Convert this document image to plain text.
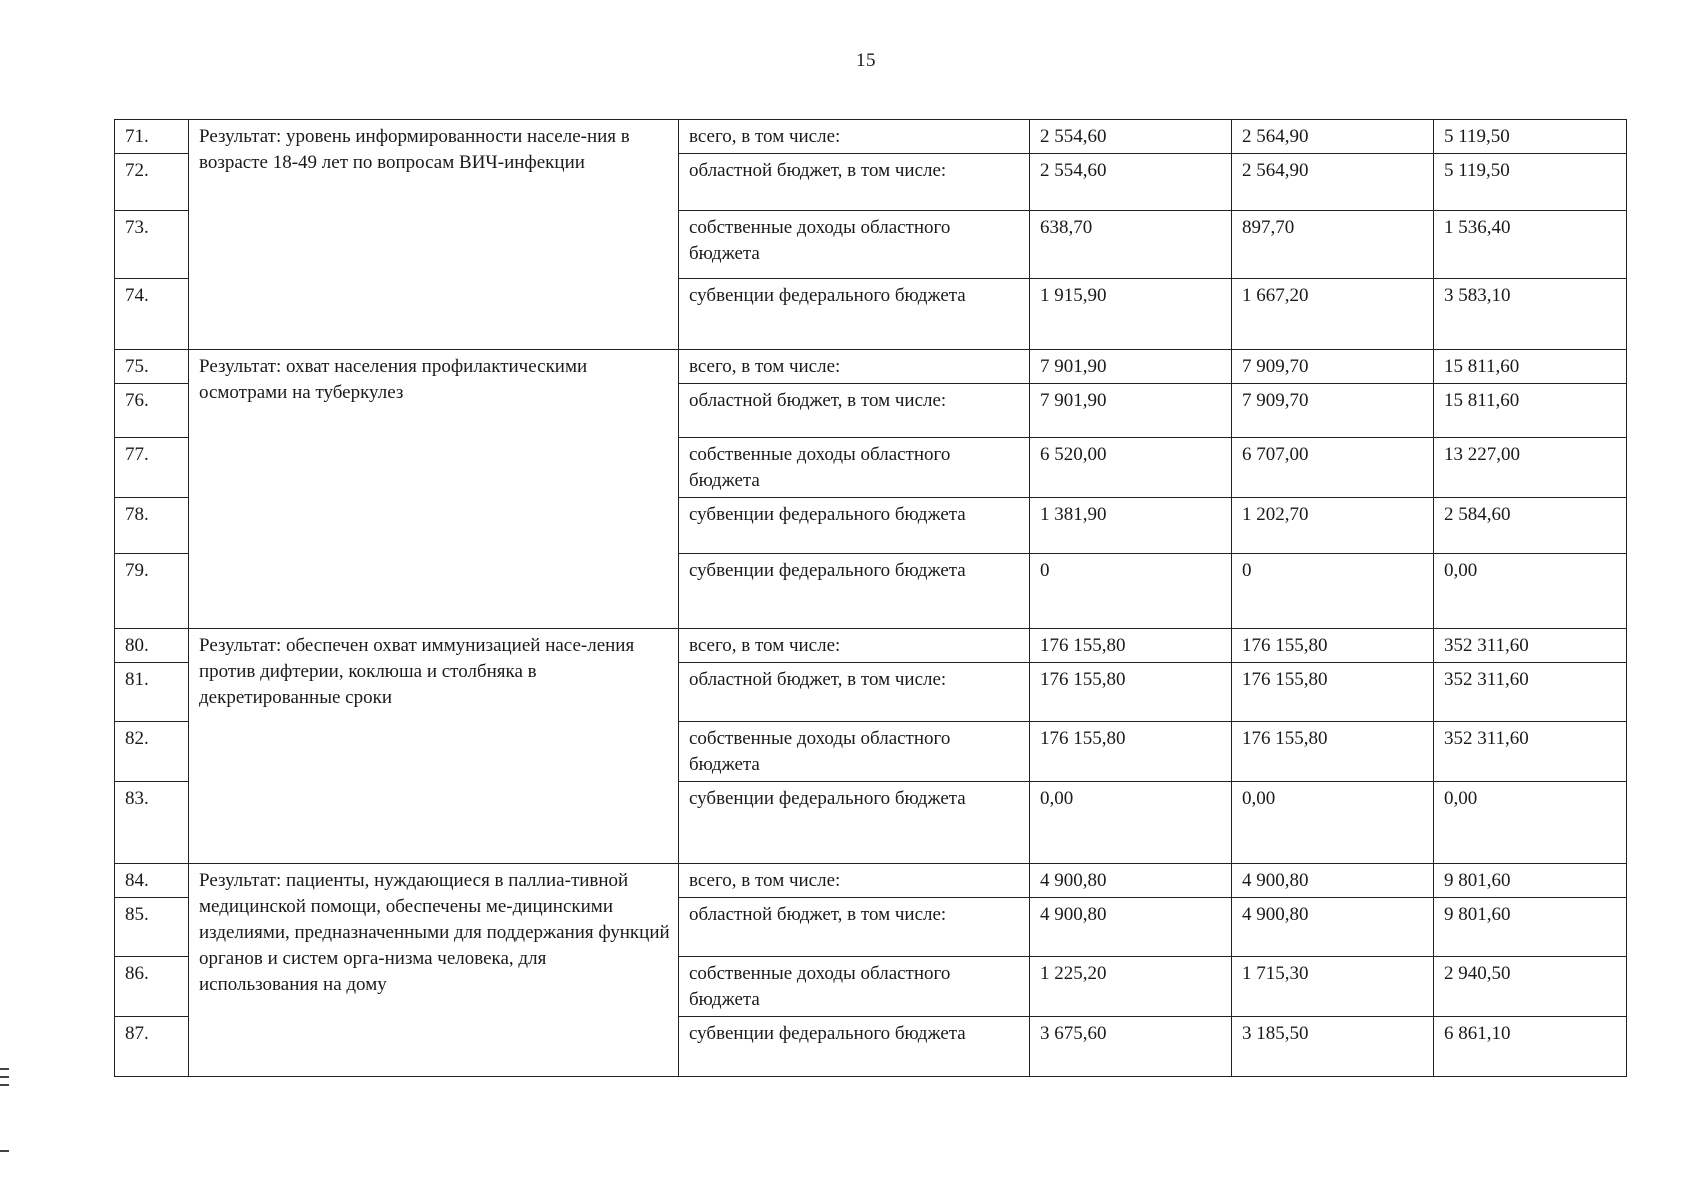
15
71.	Результат: уровень информированности населе-ния в возрасте 18-49 лет по вопросам ВИЧ-инфекции	всего, в том числе:	2 554,60	2 564,90	5 119,50
72.		областной бюджет, в том числе:	2 554,60	2 564,90	5 119,50
73.		собственные доходы областного бюджета	638,70	897,70	1 536,40
74.		субвенции федерального бюджета	1 915,90	1 667,20	3 583,10
75.	Результат: охват населения профилактическими осмотрами на туберкулез	всего, в том числе:	7 901,90	7 909,70	15 811,60
76.		областной бюджет, в том числе:	7 901,90	7 909,70	15 811,60
77.		собственные доходы областного бюджета	6 520,00	6 707,00	13 227,00
78.		субвенции федерального бюджета	1 381,90	1 202,70	2 584,60
79.		субвенции федерального бюджета	0	0	0,00
80.	Результат: обеспечен охват иммунизацией насе-ления против дифтерии, коклюша и столбняка в декретированные сроки	всего, в том числе:	176 155,80	176 155,80	352 311,60
81.		областной бюджет, в том числе:	176 155,80	176 155,80	352 311,60
82.		собственные доходы областного бюджета	176 155,80	176 155,80	352 311,60
83.		субвенции федерального бюджета	0,00	0,00	0,00
84.	Результат: пациенты, нуждающиеся в паллиа-тивной медицинской помощи, обеспечены ме-дицинскими изделиями, предназначенными для поддержания функций органов и систем орга-низма человека, для использования на дому	всего, в том числе:	4 900,80	4 900,80	9 801,60
85.		областной бюджет, в том числе:	4 900,80	4 900,80	9 801,60
86.		собственные доходы областного бюджета	1 225,20	1 715,30	2 940,50
87.		субвенции федерального бюджета	3 675,60	3 185,50	6 861,10
